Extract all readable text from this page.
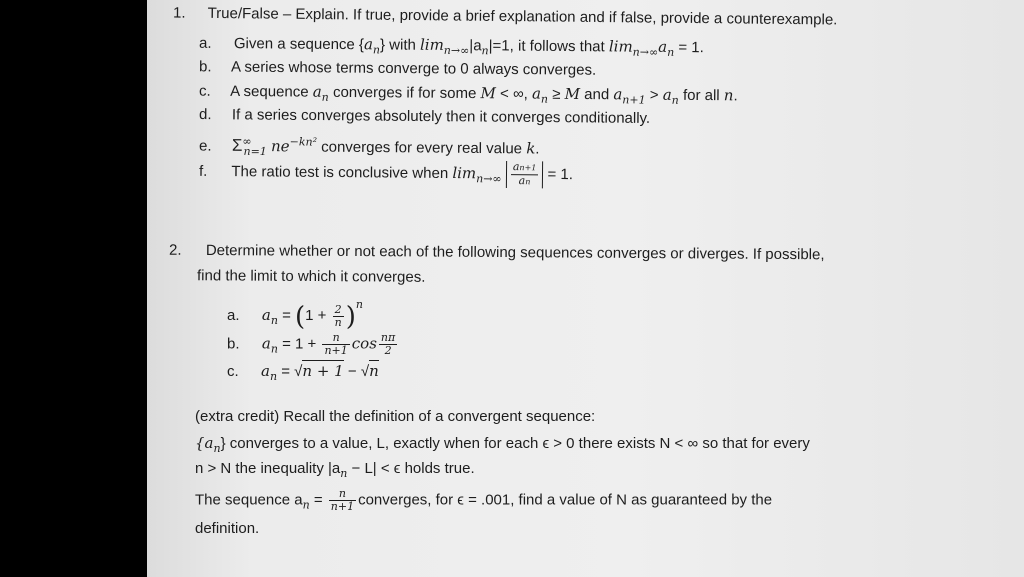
1. True/False – Explain. If true, provide a brief explanation and if false, provide a counterexample.
a. Given a sequence $\{a_n\}$ with $\lim_{n\to\infty}|a_n|=1$, it follows that $\lim_{n\to\infty}a_n = 1$.
b. A series whose terms converge to 0 always converges.
c. A sequence $a_n$ converges if for some M < ∞, $a_n \ge M$ and $a_{n+1} > a_n$ for all n.
d. If a series converges absolutely then it converges conditionally.
e. $\Sigma^\infty_{n=1}$ $ne^{-kn^2}$ converges for every real value k.
f. The ratio test is conclusive when $\lim_{n\to\infty} \frac{an+1}{an} = 1$.
2. Determine whether or not each of the following sequences converges or diverges. If possible,
find the limit to which it converges.
a. $a_n = (1 + \frac{2}{n} )^n$
b. $a_n = 1 + \frac{n}{n+1}$ $\cos \frac{n\pi}{2}$
c. $a_n = √n + 1 - √n$
(extra credit) Recall the definition of a convergent sequence:
$\{a_n\}$ converges to a value, L, exactly when for each ϵ > 0 there exists N < ∞ so that for every
n > N the inequality $|a_n - L| < \epsilon$ holds true.
The sequence $a_n = \frac{n}{n+1}$ converges, for ϵ = .001, find a value of N as guaranteed by the
definition.
